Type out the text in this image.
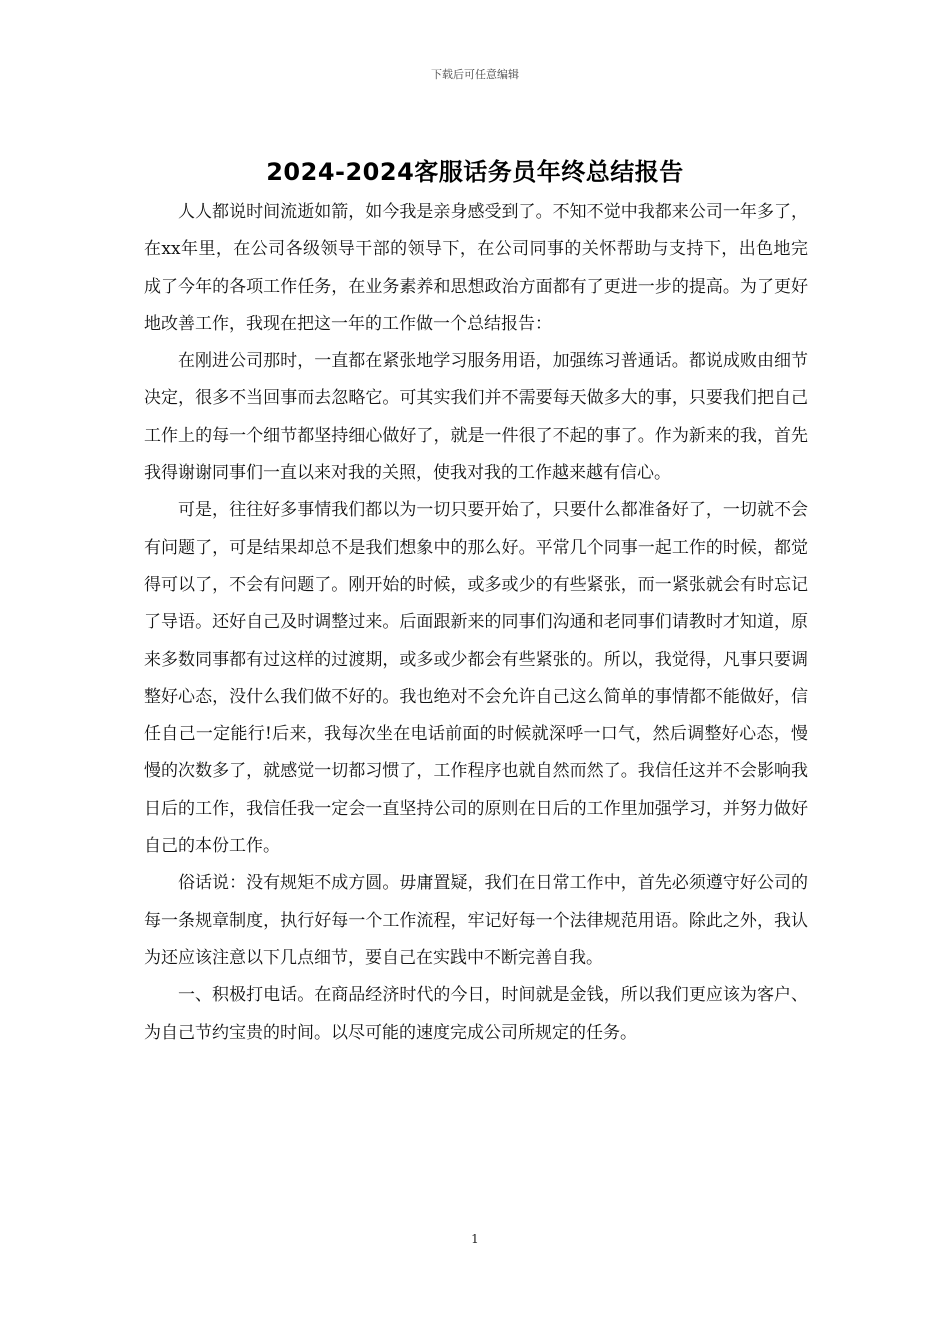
下载后可任意编辑
2024-2024客服话务员年终总结报告

人人都说时间流逝如箭，如今我是亲身感受到了。不知不觉中我都来公司一年多了，在xx年里，在公司各级领导干部的领导下，在公司同事的关怀帮助与支持下，出色地完成了今年的各项工作任务，在业务素养和思想政治方面都有了更进一步的提高。为了更好地改善工作，我现在把这一年的工作做一个总结报告：

在刚进公司那时，一直都在紧张地学习服务用语，加强练习普通话。都说成败由细节决定，很多不当回事而去忽略它。可其实我们并不需要每天做多大的事，只要我们把自己工作上的每一个细节都坚持细心做好了，就是一件很了不起的事了。作为新来的我，首先我得谢谢同事们一直以来对我的关照，使我对我的工作越来越有信心。

可是，往往好多事情我们都以为一切只要开始了，只要什么都准备好了，一切就不会有问题了，可是结果却总不是我们想象中的那么好。平常几个同事一起工作的时候，都觉得可以了，不会有问题了。刚开始的时候，或多或少的有些紧张，而一紧张就会有时忘记了导语。还好自己及时调整过来。后面跟新来的同事们沟通和老同事们请教时才知道，原来多数同事都有过这样的过渡期，或多或少都会有些紧张的。所以，我觉得，凡事只要调整好心态，没什么我们做不好的。我也绝对不会允许自己这么简单的事情都不能做好，信任自己一定能行!后来，我每次坐在电话前面的时候就深呼一口气，然后调整好心态，慢慢的次数多了，就感觉一切都习惯了，工作程序也就自然而然了。我信任这并不会影响我日后的工作，我信任我一定会一直坚持公司的原则在日后的工作里加强学习，并努力做好自己的本份工作。

俗话说：没有规矩不成方圆。毋庸置疑，我们在日常工作中，首先必须遵守好公司的每一条规章制度，执行好每一个工作流程，牢记好每一个法律规范用语。除此之外，我认为还应该注意以下几点细节，要自己在实践中不断完善自我。

一、积极打电话。在商品经济时代的今日，时间就是金钱，所以我们更应该为客户、为自己节约宝贵的时间。以尽可能的速度完成公司所规定的任务。

1
